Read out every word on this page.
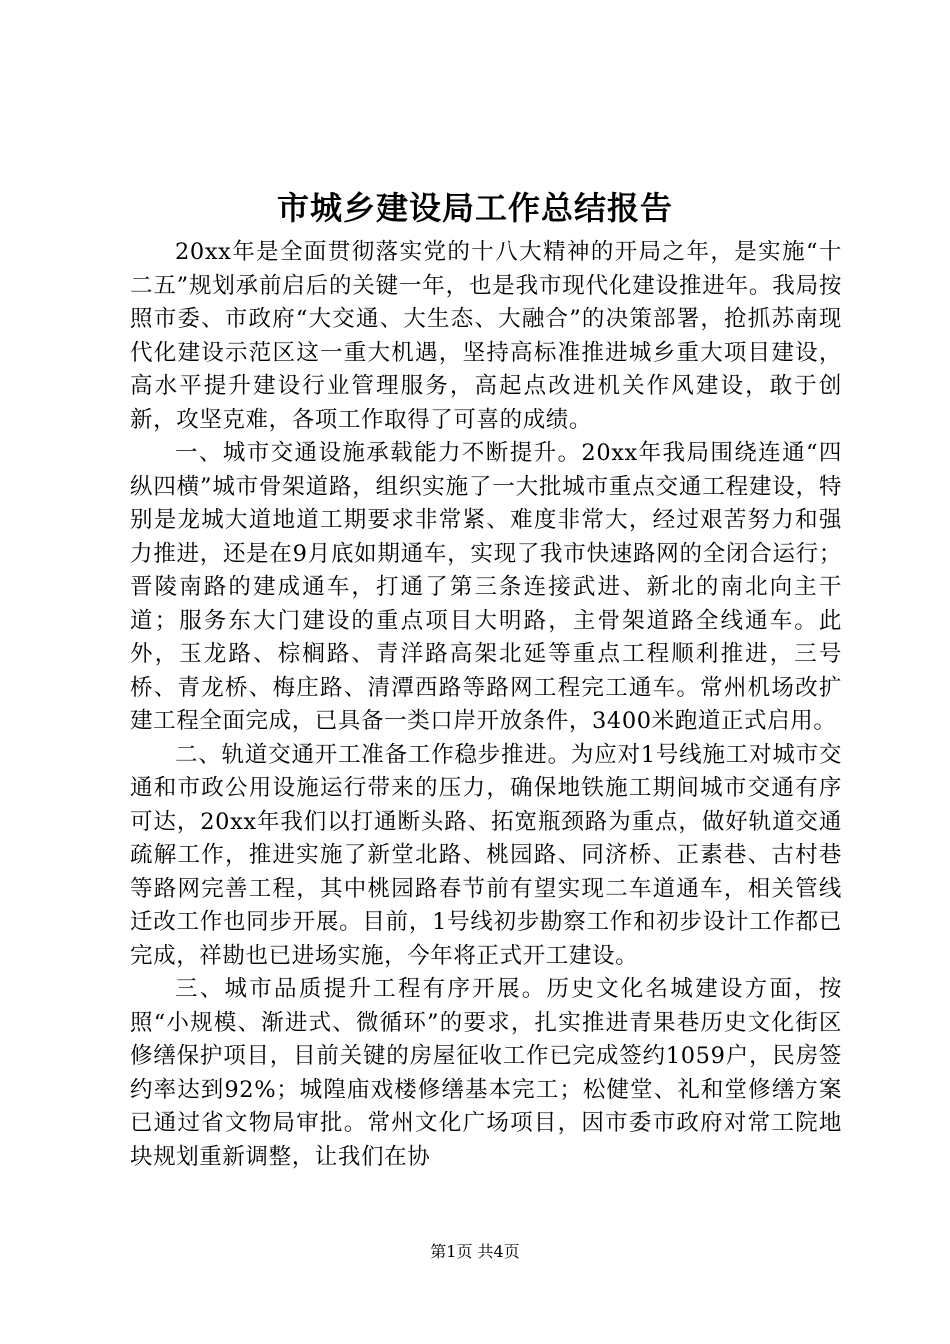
市城乡建设局工作总结报告

20xx年是全面贯彻落实党的十八大精神的开局之年，是实施“十二五”规划承前启后的关键一年，也是我市现代化建设推进年。我局按照市委、市政府“大交通、大生态、大融合”的决策部署，抢抓苏南现代化建设示范区这一重大机遇，坚持高标准推进城乡重大项目建设，高水平提升建设行业管理服务，高起点改进机关作风建设，敢于创新，攻坚克难，各项工作取得了可喜的成绩。

一、城市交通设施承载能力不断提升。20xx年我局围绕连通“四纵四横”城市骨架道路，组织实施了一大批城市重点交通工程建设，特别是龙城大道地道工期要求非常紧、难度非常大，经过艰苦努力和强力推进，还是在9月底如期通车，实现了我市快速路网的全闭合运行；晋陵南路的建成通车，打通了第三条连接武进、新北的南北向主干道；服务东大门建设的重点项目大明路，主骨架道路全线通车。此外，玉龙路、棕榈路、青洋路高架北延等重点工程顺利推进，三号桥、青龙桥、梅庄路、清潭西路等路网工程完工通车。常州机场改扩建工程全面完成，已具备一类口岸开放条件，3400米跑道正式启用。

二、轨道交通开工准备工作稳步推进。为应对1号线施工对城市交通和市政公用设施运行带来的压力，确保地铁施工期间城市交通有序可达，20xx年我们以打通断头路、拓宽瓶颈路为重点，做好轨道交通疏解工作，推进实施了新堂北路、桃园路、同济桥、正素巷、古村巷等路网完善工程，其中桃园路春节前有望实现二车道通车，相关管线迁改工作也同步开展。目前，1号线初步勘察工作和初步设计工作都已完成，祥勘也已进场实施，今年将正式开工建设。

三、城市品质提升工程有序开展。历史文化名城建设方面，按照“小规模、渐进式、微循环”的要求，扎实推进青果巷历史文化街区修缮保护项目，目前关键的房屋征收工作已完成签约1059户，民房签约率达到92%；城隍庙戏楼修缮基本完工；松健堂、礼和堂修缮方案已通过省文物局审批。常州文化广场项目，因市委市政府对常工院地块规划重新调整，让我们在协

第1页 共4页
